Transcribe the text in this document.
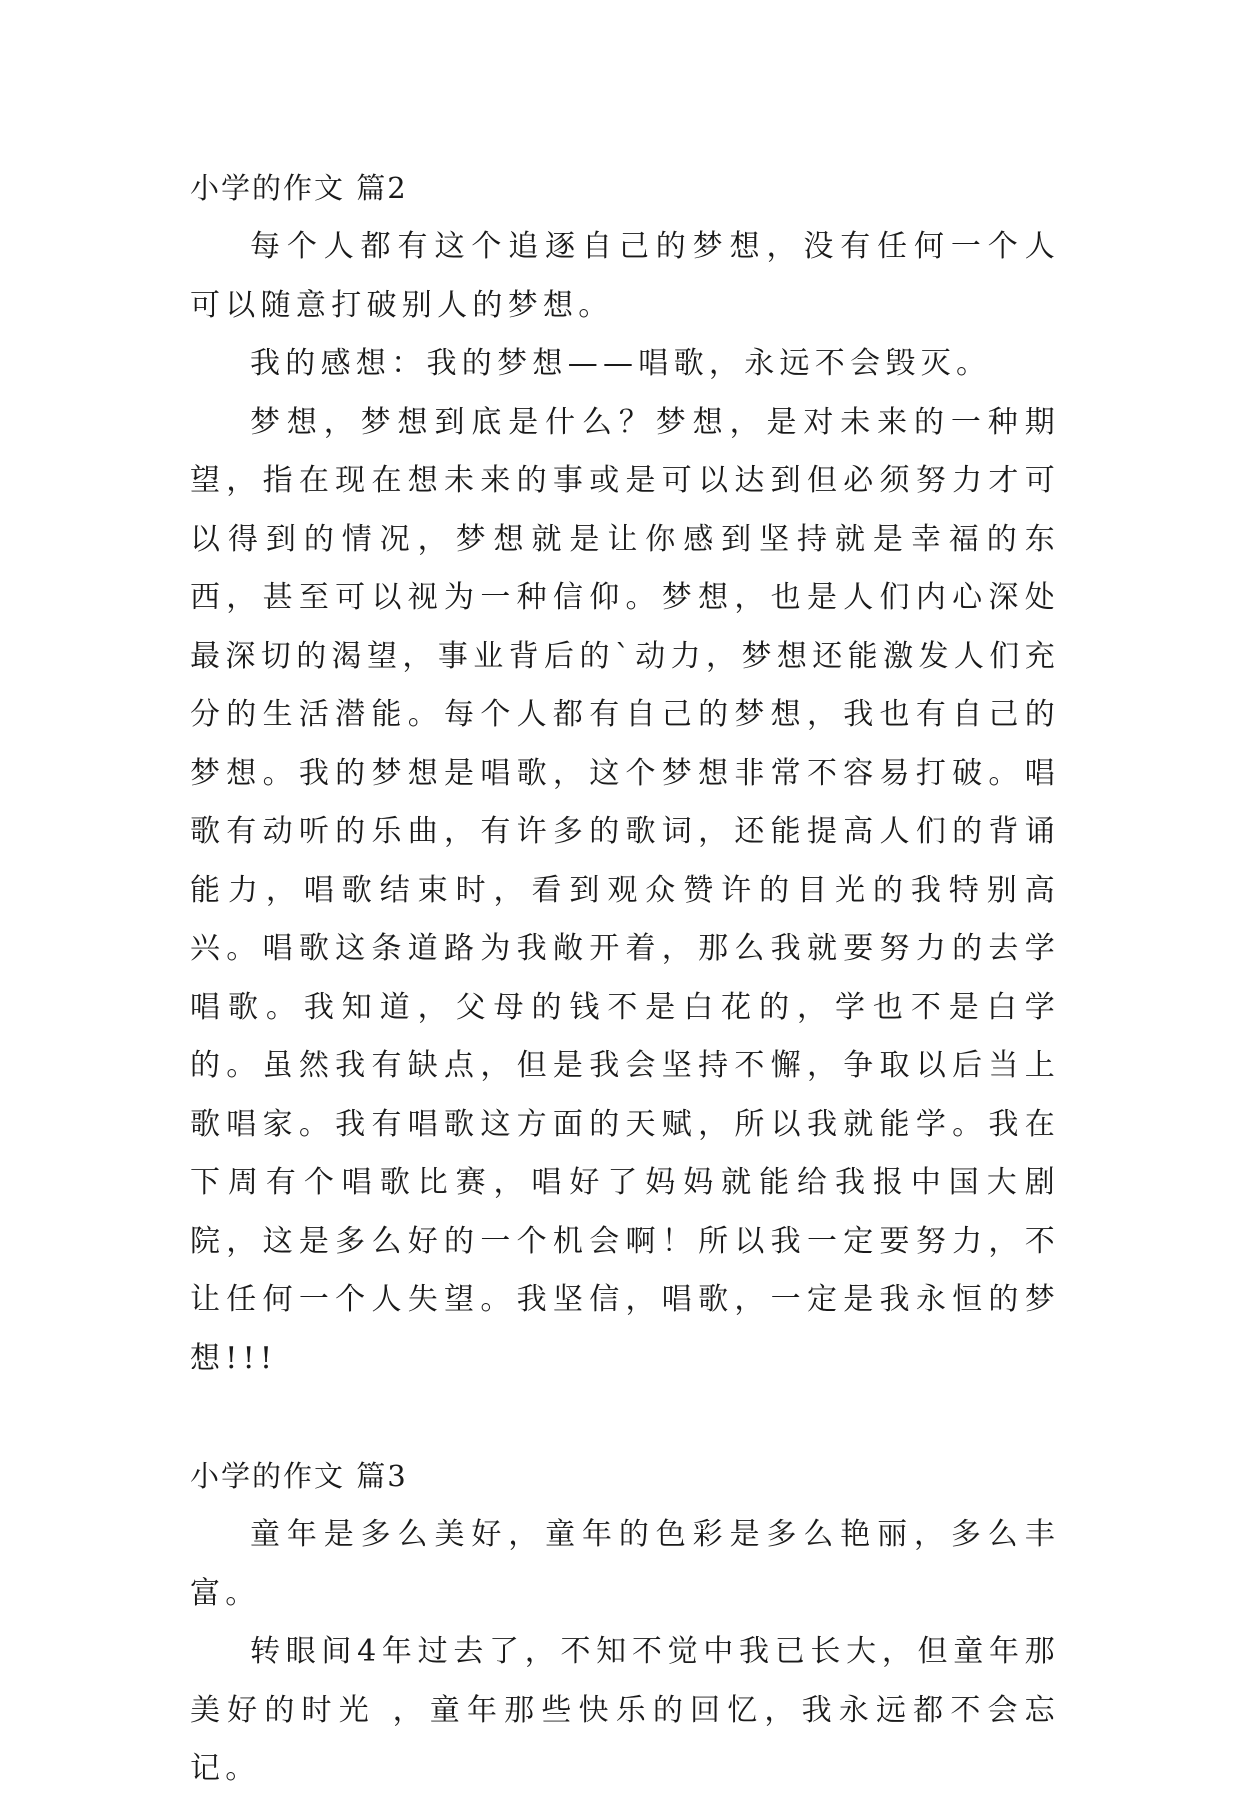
小学的作文 篇2

每个人都有这个追逐自己的梦想，没有任何一个人可以随意打破别人的梦想。

我的感想：我的梦想——唱歌，永远不会毁灭。

梦想，梦想到底是什么？梦想，是对未来的一种期望，指在现在想未来的事或是可以达到但必须努力才可以得到的情况，梦想就是让你感到坚持就是幸福的东西，甚至可以视为一种信仰。梦想，也是人们内心深处最深切的渴望，事业背后的`动力，梦想还能激发人们充分的生活潜能。每个人都有自己的梦想，我也有自己的梦想。我的梦想是唱歌，这个梦想非常不容易打破。唱歌有动听的乐曲，有许多的歌词，还能提高人们的背诵能力，唱歌结束时，看到观众赞许的目光的我特别高兴。唱歌这条道路为我敞开着，那么我就要努力的去学唱歌。我知道，父母的钱不是白花的，学也不是白学的。虽然我有缺点，但是我会坚持不懈，争取以后当上歌唱家。我有唱歌这方面的天赋，所以我就能学。我在下周有个唱歌比赛，唱好了妈妈就能给我报中国大剧院，这是多么好的一个机会啊！所以我一定要努力，不让任何一个人失望。我坚信，唱歌，一定是我永恒的梦想!!!

小学的作文 篇3

童年是多么美好，童年的色彩是多么艳丽，多么丰富。

转眼间4年过去了，不知不觉中我已长大，但童年那美好的时光 ，童年那些快乐的回忆，我永远都不会忘记。
